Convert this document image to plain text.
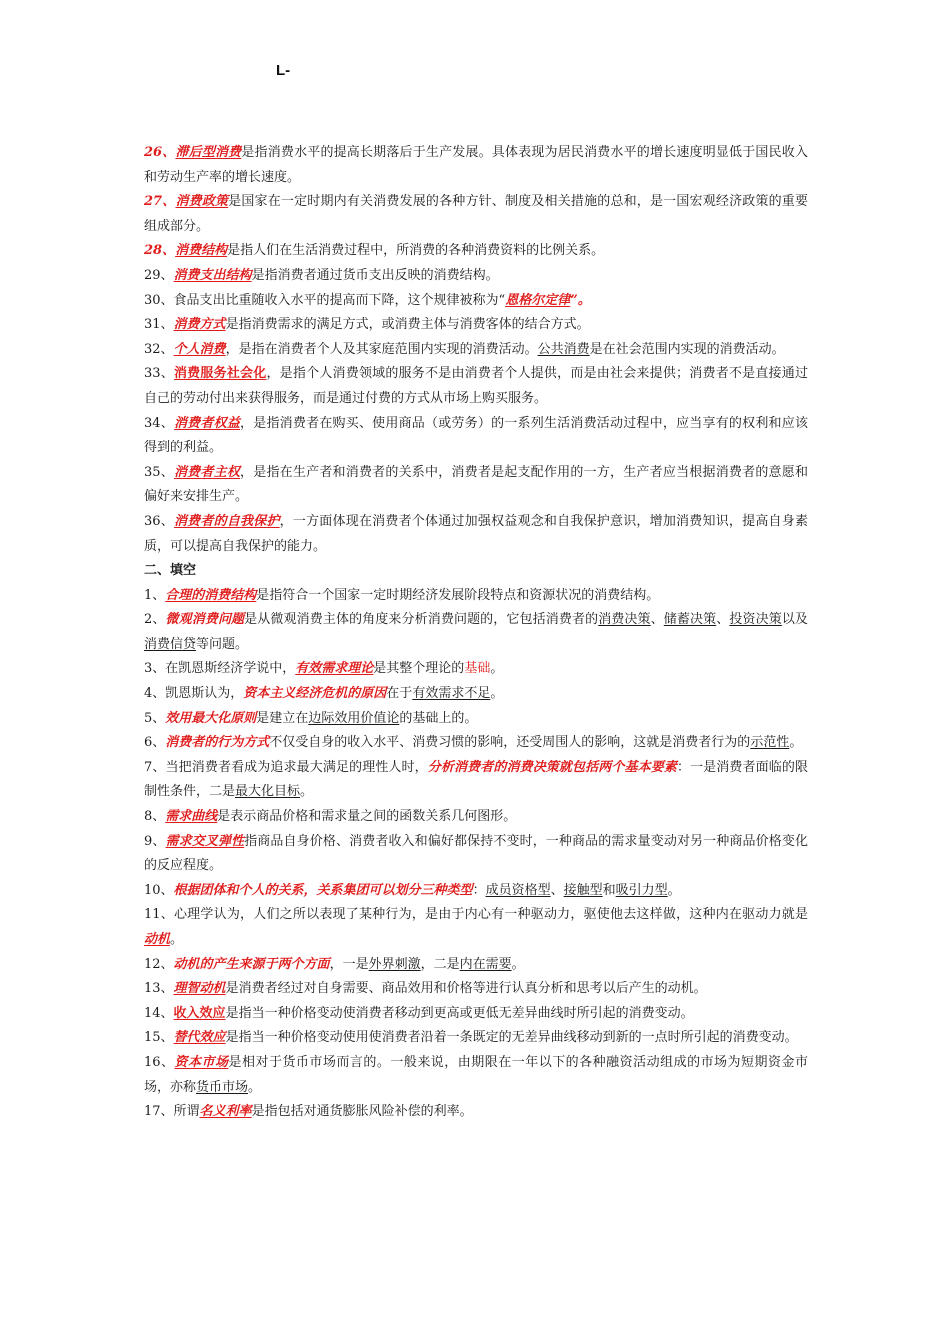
L-

26、滞后型消费是指消费水平的提高长期落后于生产发展。具体表现为居民消费水平的增长速度明显低于国民收入和劳动生产率的增长速度。

27、消费政策是国家在一定时期内有关消费发展的各种方针、制度及相关措施的总和，是一国宏观经济政策的重要组成部分。

28、消费结构是指人们在生活消费过程中，所消费的各种消费资料的比例关系。

29、消费支出结构是指消费者通过货币支出反映的消费结构。

30、食品支出比重随收入水平的提高而下降，这个规律被称为“恩格尔定律”。

31、消费方式是指消费需求的满足方式，或消费主体与消费客体的结合方式。

32、个人消费，是指在消费者个人及其家庭范围内实现的消费活动。公共消费是在社会范围内实现的消费活动。

33、消费服务社会化，是指个人消费领域的服务不是由消费者个人提供，而是由社会来提供；消费者不是直接通过自己的劳动付出来获得服务，而是通过付费的方式从市场上购买服务。

34、消费者权益，是指消费者在购买、使用商品（或劳务）的一系列生活消费活动过程中，应当享有的权利和应该得到的利益。

35、消费者主权，是指在生产者和消费者的关系中，消费者是起支配作用的一方，生产者应当根据消费者的意愿和偏好来安排生产。

36、消费者的自我保护，一方面体现在消费者个体通过加强权益观念和自我保护意识，增加消费知识，提高自身素质，可以提高自我保护的能力。

二、填空

1、合理的消费结构是指符合一个国家一定时期经济发展阶段特点和资源状况的消费结构。

2、微观消费问题是从微观消费主体的角度来分析消费问题的，它包括消费者的消费决策、储蓄决策、投资决策以及消费信贷等问题。

3、在凯恩斯经济学说中，有效需求理论是其整个理论的基础。

4、凯恩斯认为，资本主义经济危机的原因在于有效需求不足。

5、效用最大化原则是建立在边际效用价值论的基础上的。

6、消费者的行为方式不仅受自身的收入水平、消费习惯的影响，还受周围人的影响，这就是消费者行为的示范性。

7、当把消费者看成为追求最大满足的理性人时，分析消费者的消费决策就包括两个基本要素：一是消费者面临的限制性条件，二是最大化目标。

8、需求曲线是表示商品价格和需求量之间的函数关系几何图形。

9、需求交叉弹性指商品自身价格、消费者收入和偏好都保持不变时，一种商品的需求量变动对另一种商品价格变化的反应程度。

10、根据团体和个人的关系，关系集团可以划分三种类型：成员资格型、接触型和吸引力型。

11、心理学认为，人们之所以表现了某种行为，是由于内心有一种驱动力，驱使他去这样做，这种内在驱动力就是动机。

12、动机的产生来源于两个方面，一是外界刺激，二是内在需要。

13、理智动机是消费者经过对自身需要、商品效用和价格等进行认真分析和思考以后产生的动机。

14、收入效应是指当一种价格变动使消费者移动到更高或更低无差异曲线时所引起的消费变动。

15、替代效应是指当一种价格变动使用使消费者沿着一条既定的无差异曲线移动到新的一点时所引起的消费变动。

16、资本市场是相对于货币市场而言的。一般来说，由期限在一年以下的各种融资活动组成的市场为短期资金市场，亦称货币市场。

17、所谓名义利率是指包括对通货膨胀风险补偿的利率。
